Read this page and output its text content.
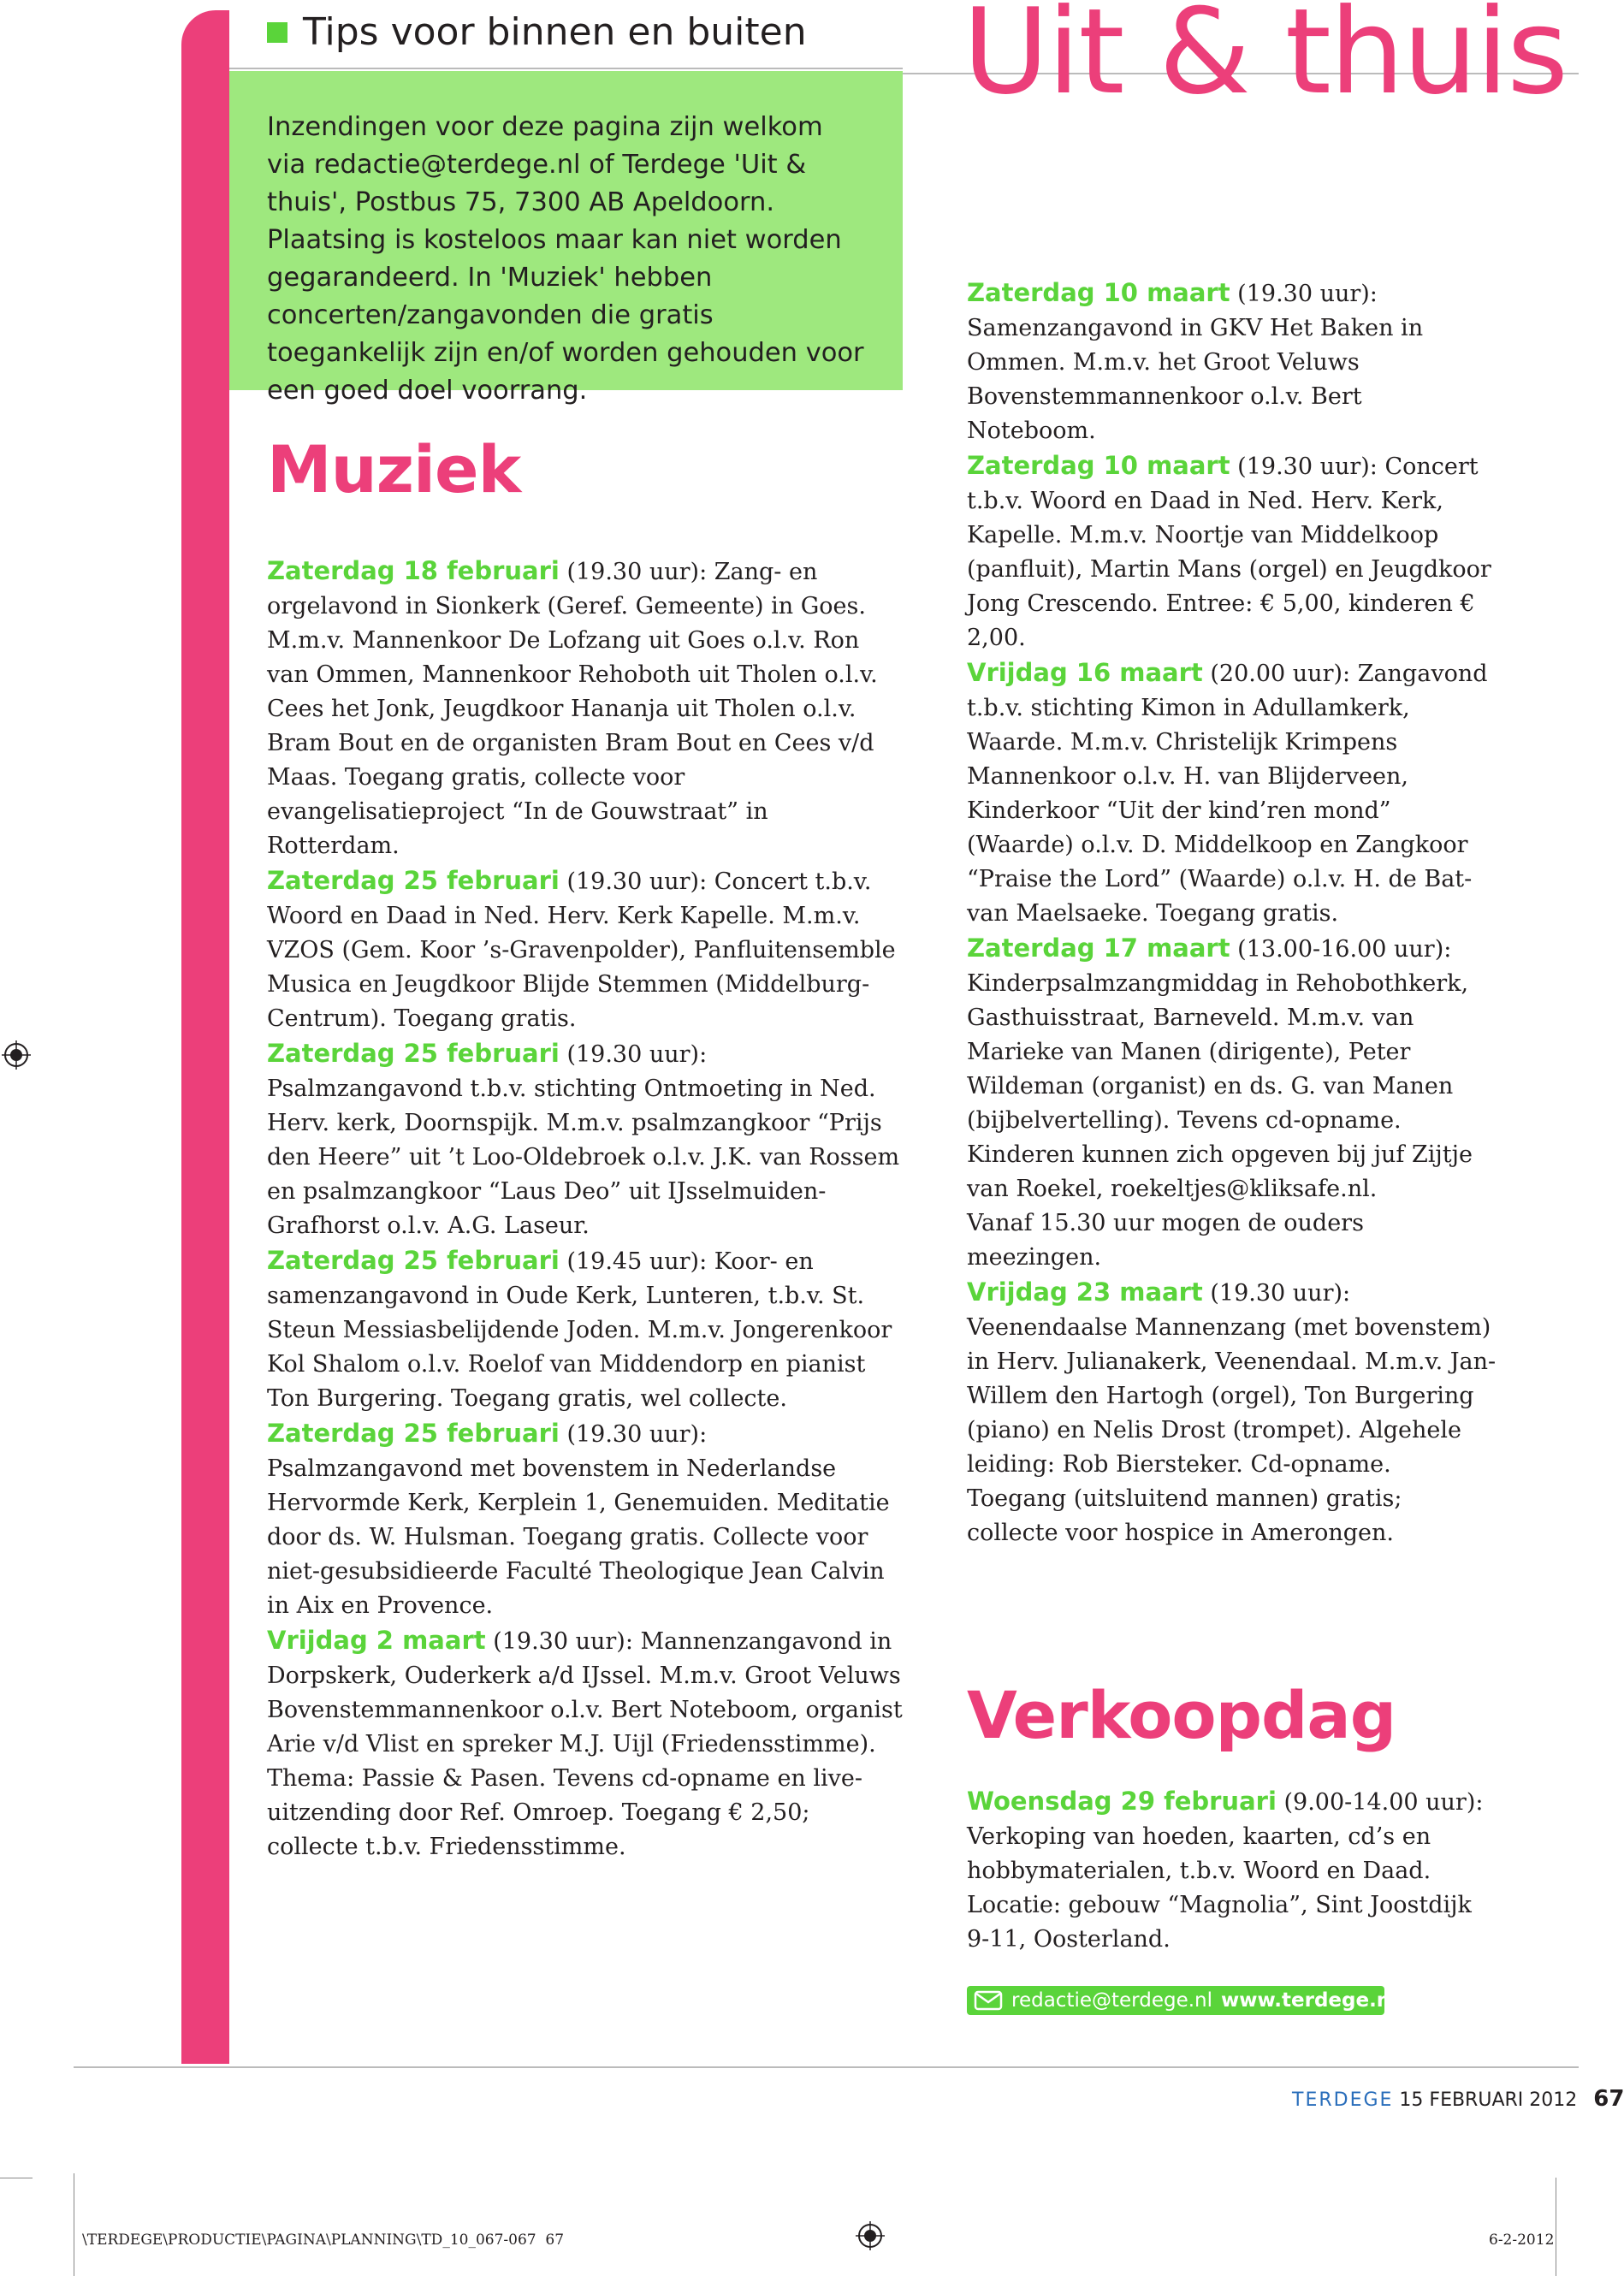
Tips voor binnen en buiten Uit & thuis

Inzendingen voor deze pagina zijn welkom via redactie@terdege.nl of Terdege 'Uit & thuis', Postbus 75, 7300 AB Apeldoorn. Plaatsing is kosteloos maar kan niet worden gegarandeerd. In 'Muziek' hebben concerten/zangavonden die gratis toegankelijk zijn en/of worden gehouden voor een goed doel voorrang.

Muziek

Zaterdag 18 februari (19.30 uur): Zang- en orgelavond in Sionkerk (Geref. Gemeente) in Goes. M.m.v. Mannenkoor De Lofzang uit Goes o.l.v. Ron van Ommen, Mannenkoor Rehoboth uit Tholen o.l.v. Cees het Jonk, Jeugdkoor Hananja uit Tholen o.l.v. Bram Bout en de organisten Bram Bout en Cees v/d Maas. Toegang gratis, collecte voor evangelisatieproject “In de Gouwstraat” in Rotterdam.

Zaterdag 25 februari (19.30 uur): Concert t.b.v. Woord en Daad in Ned. Herv. Kerk Kapelle. M.m.v. VZOS (Gem. Koor ’s-Gravenpolder), Panfluitensemble Musica en Jeugdkoor Blijde Stemmen (Middelburg-Centrum). Toegang gratis.

Zaterdag 25 februari (19.30 uur): Psalmzangavond t.b.v. stichting Ontmoeting in Ned. Herv. kerk, Doornspijk. M.m.v. psalmzangkoor “Prijs den Heere” uit ’t Loo-Oldebroek o.l.v. J.K. van Rossem en psalmzangkoor “Laus Deo” uit IJsselmuiden-Grafhorst o.l.v. A.G. Laseur.

Zaterdag 25 februari (19.45 uur): Koor- en samenzangavond in Oude Kerk, Lunteren, t.b.v. St. Steun Messiasbelijdende Joden. M.m.v. Jongerenkoor Kol Shalom o.l.v. Roelof van Middendorp en pianist Ton Burgering. Toegang gratis, wel collecte.

Zaterdag 25 februari (19.30 uur): Psalmzangavond met bovenstem in Nederlandse Hervormde Kerk, Kerplein 1, Genemuiden. Meditatie door ds. W. Hulsman. Toegang gratis. Collecte voor niet-gesubsidieerde Faculté Theologique Jean Calvin in Aix en Provence.

Vrijdag 2 maart (19.30 uur): Mannenzangavond in Dorpskerk, Ouderkerk a/d IJssel. M.m.v. Groot Veluws Bovenstemmannenkoor o.l.v. Bert Noteboom, organist Arie v/d Vlist en spreker M.J. Uijl (Friedensstimme). Thema: Passie & Pasen. Tevens cd-opname en live-uitzending door Ref. Omroep. Toegang € 2,50; collecte t.b.v. Friedensstimme.

Zaterdag 10 maart (19.30 uur): Samenzangavond in GKV Het Baken in Ommen. M.m.v. het Groot Veluws Bovenstemmannenkoor o.l.v. Bert Noteboom.

Zaterdag 10 maart (19.30 uur): Concert t.b.v. Woord en Daad in Ned. Herv. Kerk, Kapelle. M.m.v. Noortje van Middelkoop (panfluit), Martin Mans (orgel) en Jeugdkoor Jong Crescendo. Entree: € 5,00, kinderen € 2,00.

Vrijdag 16 maart (20.00 uur): Zangavond t.b.v. stichting Kimon in Adullamkerk, Waarde. M.m.v. Christelijk Krimpens Mannenkoor o.l.v. H. van Blijderveen, Kinderkoor “Uit der kind’ren mond” (Waarde) o.l.v. D. Middelkoop en Zangkoor “Praise the Lord” (Waarde) o.l.v. H. de Bat-van Maelsaeke. Toegang gratis.

Zaterdag 17 maart (13.00-16.00 uur): Kinderpsalmzangmiddag in Rehobothkerk, Gasthuisstraat, Barneveld. M.m.v. van Marieke van Manen (dirigente), Peter Wildeman (organist) en ds. G. van Manen (bijbelvertelling). Tevens cd-opname. Kinderen kunnen zich opgeven bij juf Zijtje van Roekel, roekeltjes@kliksafe.nl.
Vanaf 15.30 uur mogen de ouders meezingen.

Vrijdag 23 maart (19.30 uur): Veenendaalse Mannenzang (met bovenstem) in Herv. Julianakerk, Veenendaal. M.m.v. Jan-Willem den Hartogh (orgel), Ton Burgering (piano) en Nelis Drost (trompet). Algehele leiding: Rob Biersteker. Cd-opname. Toegang (uitsluitend mannen) gratis; collecte voor hospice in Amerongen.

Verkoopdag

Woensdag 29 februari (9.00-14.00 uur): Verkoping van hoeden, kaarten, cd’s en hobbymaterialen, t.b.v. Woord en Daad. Locatie: gebouw “Magnolia”, Sint Joostdijk 9-11, Oosterland.

redactie@terdege.nl www.terdege.nl
TERDEGE 15 FEBRUARI 2012 67
\TERDEGE\PRODUCTIE\PAGINA\PLANNING\TD_10_067-067 67	6-2-2012
